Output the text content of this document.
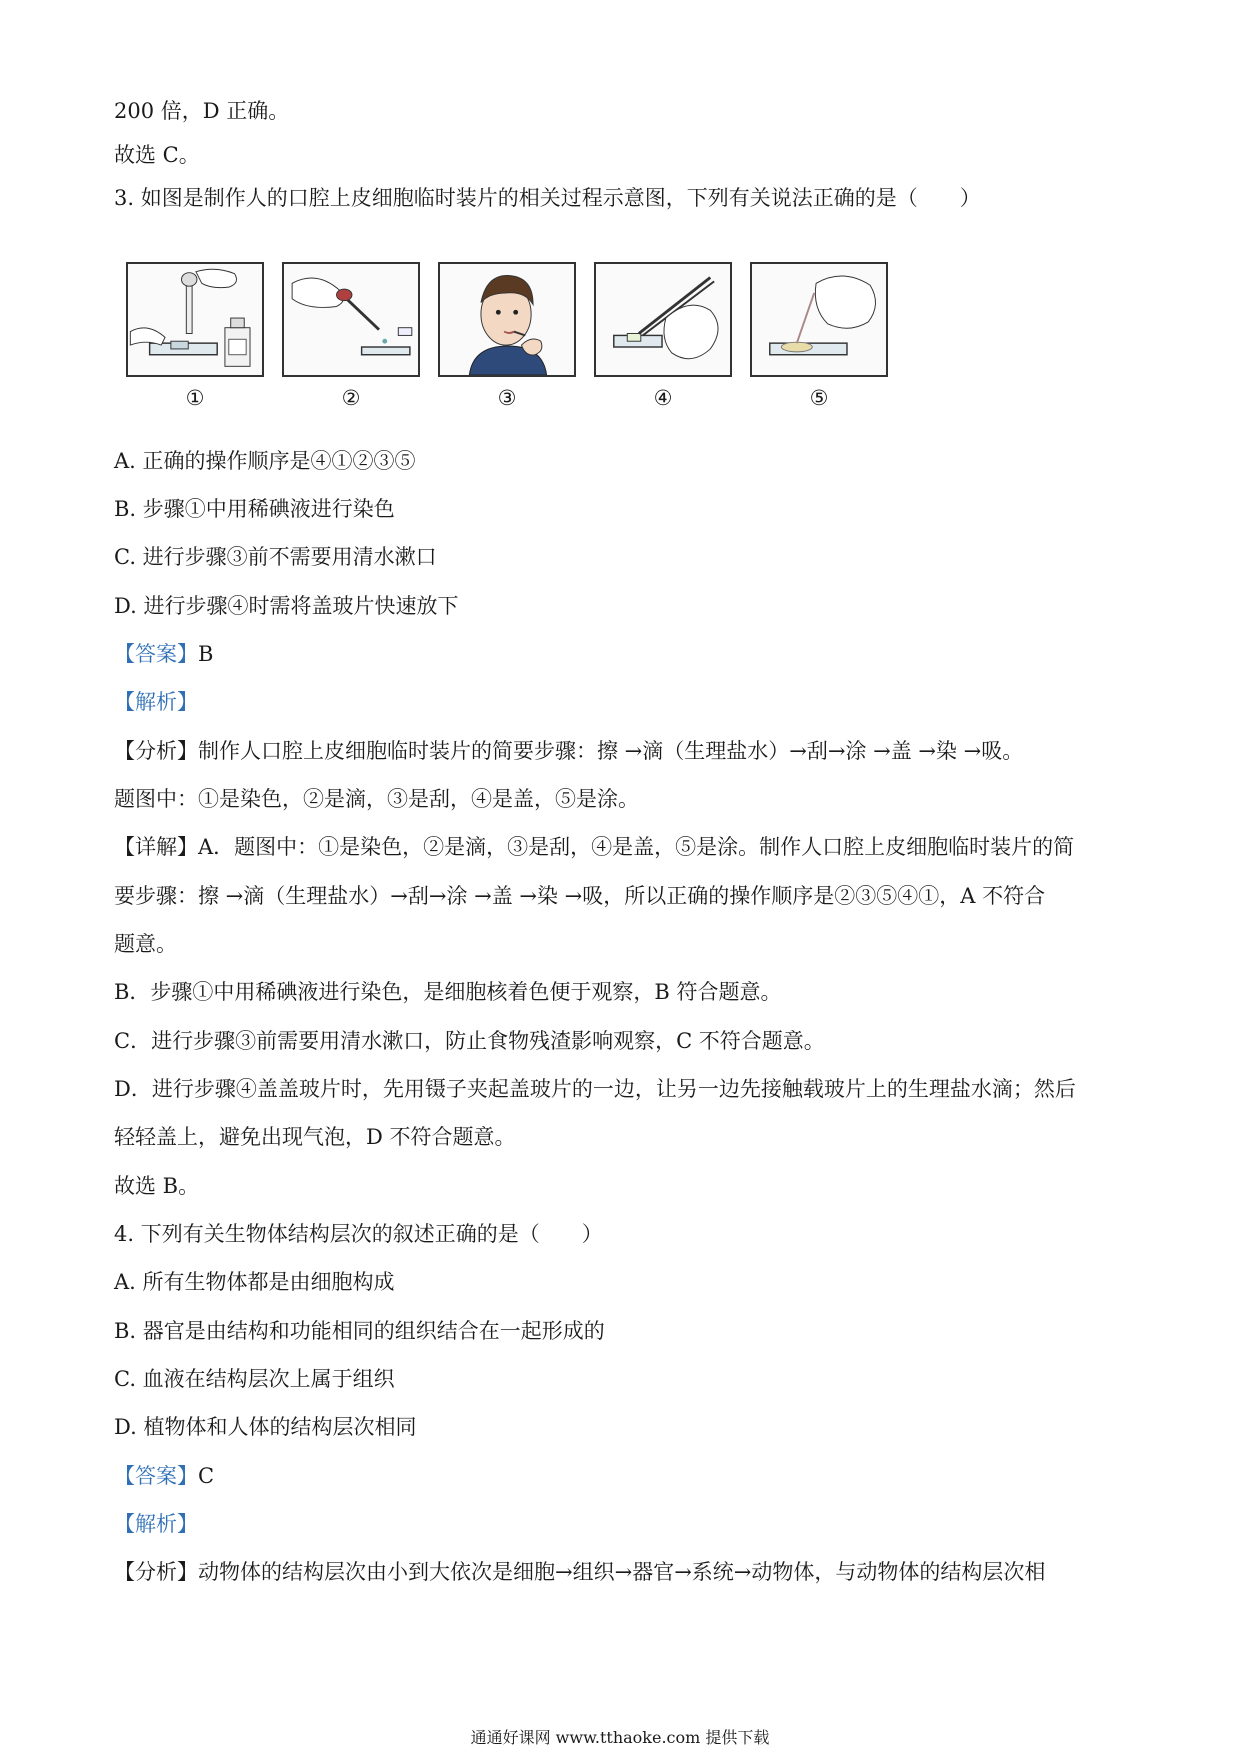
200 倍，D 正确。
故选 C。
3. 如图是制作人的口腔上皮细胞临时装片的相关过程示意图，下列有关说法正确的是（　　）
①	②	③	④	⑤
A. 正确的操作顺序是④①②③⑤
B. 步骤①中用稀碘液进行染色
C. 进行步骤③前不需要用清水漱口
D. 进行步骤④时需将盖玻片快速放下
【答案】B
【解析】
【分析】制作人口腔上皮细胞临时装片的简要步骤：擦 →滴（生理盐水）→刮→涂 →盖 →染 →吸。
题图中：①是染色，②是滴，③是刮，④是盖，⑤是涂。
【详解】A．题图中：①是染色，②是滴，③是刮，④是盖，⑤是涂。制作人口腔上皮细胞临时装片的简
要步骤：擦 →滴（生理盐水）→刮→涂 →盖 →染 →吸，所以正确的操作顺序是②③⑤④①，A 不符合
题意。
B．步骤①中用稀碘液进行染色，是细胞核着色便于观察，B 符合题意。
C．进行步骤③前需要用清水漱口，防止食物残渣影响观察，C 不符合题意。
D．进行步骤④盖盖玻片时，先用镊子夹起盖玻片的一边，让另一边先接触载玻片上的生理盐水滴；然后
轻轻盖上，避免出现气泡，D 不符合题意。
故选 B。
4. 下列有关生物体结构层次的叙述正确的是（　　）
A. 所有生物体都是由细胞构成
B. 器官是由结构和功能相同的组织结合在一起形成的
C. 血液在结构层次上属于组织
D. 植物体和人体的结构层次相同
【答案】C
【解析】
【分析】动物体的结构层次由小到大依次是细胞→组织→器官→系统→动物体，与动物体的结构层次相
通通好课网 www.tthaoke.com 提供下载
